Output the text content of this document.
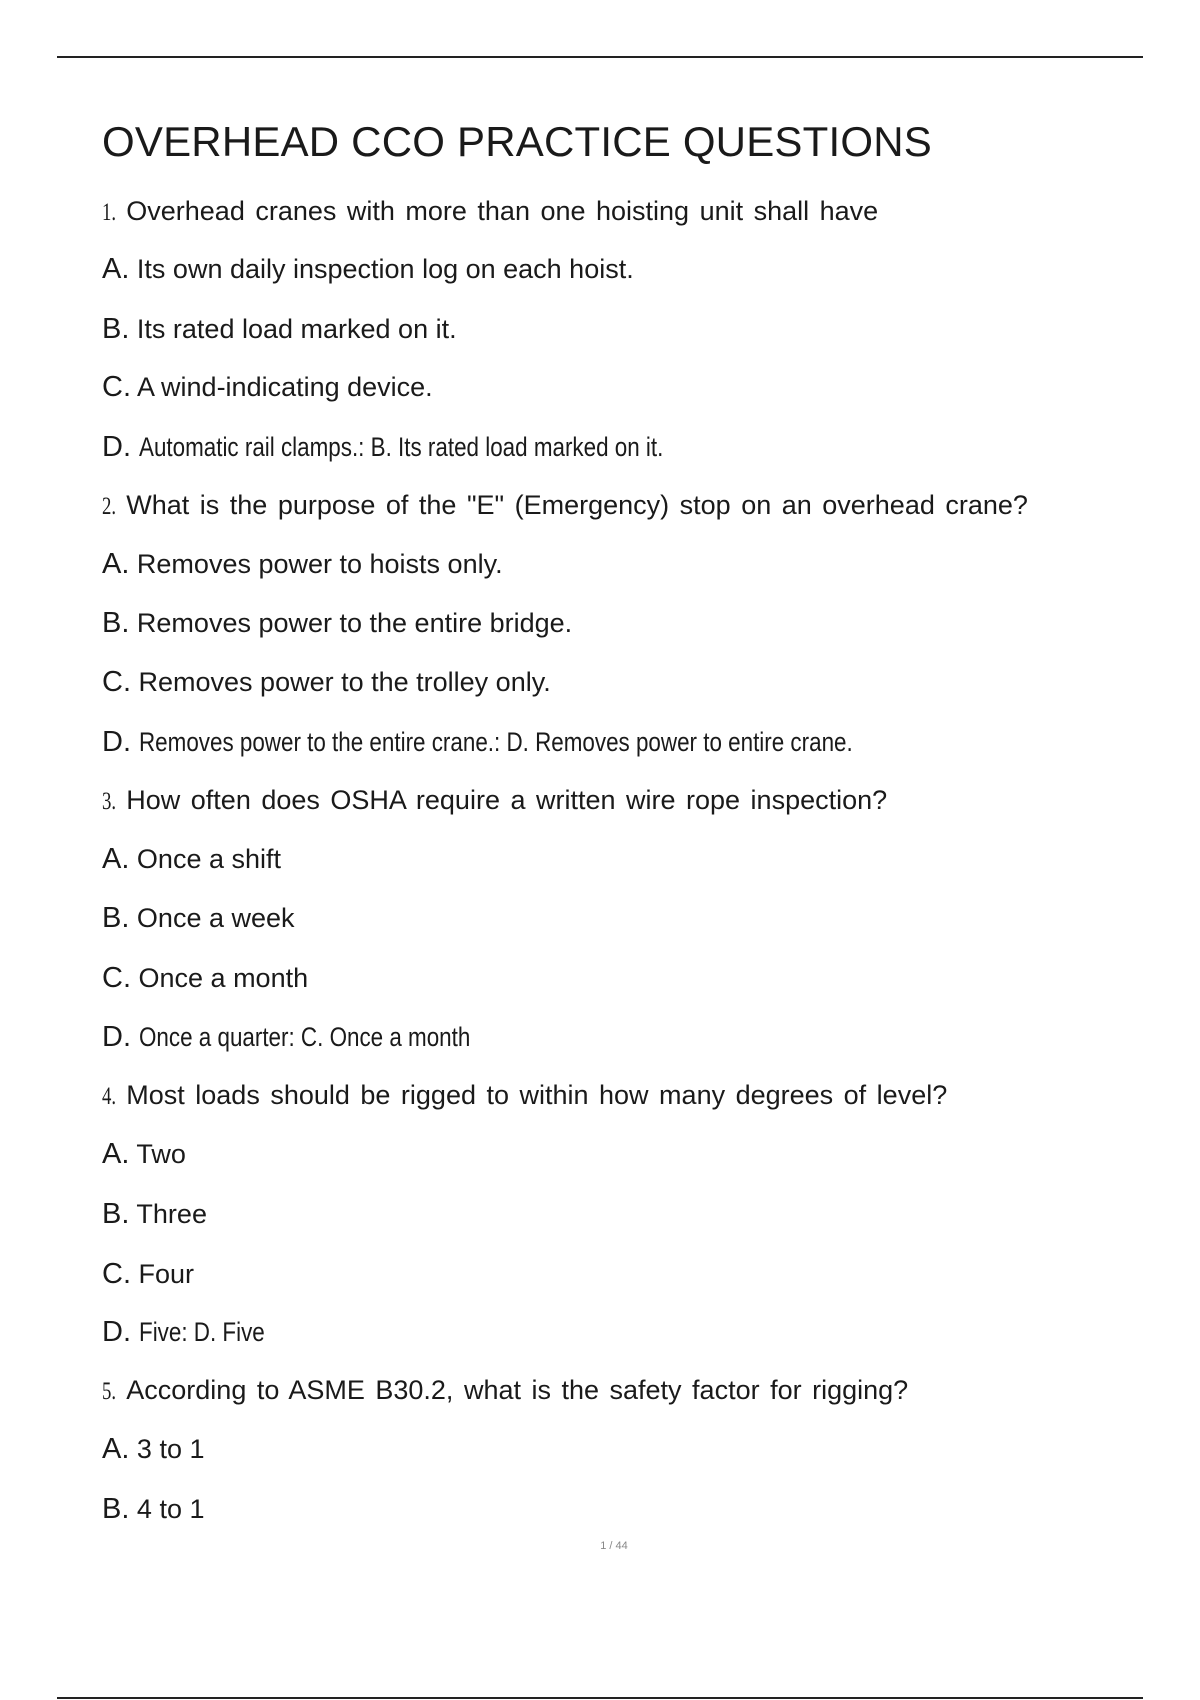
OVERHEAD CCO PRACTICE QUESTIONS
1. Overhead cranes with more than one hoisting unit shall have
A. Its own daily inspection log on each hoist.
B. Its rated load marked on it.
C. A wind-indicating device.
D. Automatic rail clamps.: B. Its rated load marked on it.
2. What is the purpose of the "E" (Emergency) stop on an overhead crane?
A. Removes power to hoists only.
B. Removes power to the entire bridge.
C. Removes power to the trolley only.
D. Removes power to the entire crane.: D. Removes power to entire crane.
3. How often does OSHA require a written wire rope inspection?
A. Once a shift
B. Once a week
C. Once a month
D. Once a quarter: C. Once a month
4. Most loads should be rigged to within how many degrees of level?
A. Two
B. Three
C. Four
D. Five: D. Five
5. According to ASME B30.2, what is the safety factor for rigging?
A. 3 to 1
B. 4 to 1
1 / 44
